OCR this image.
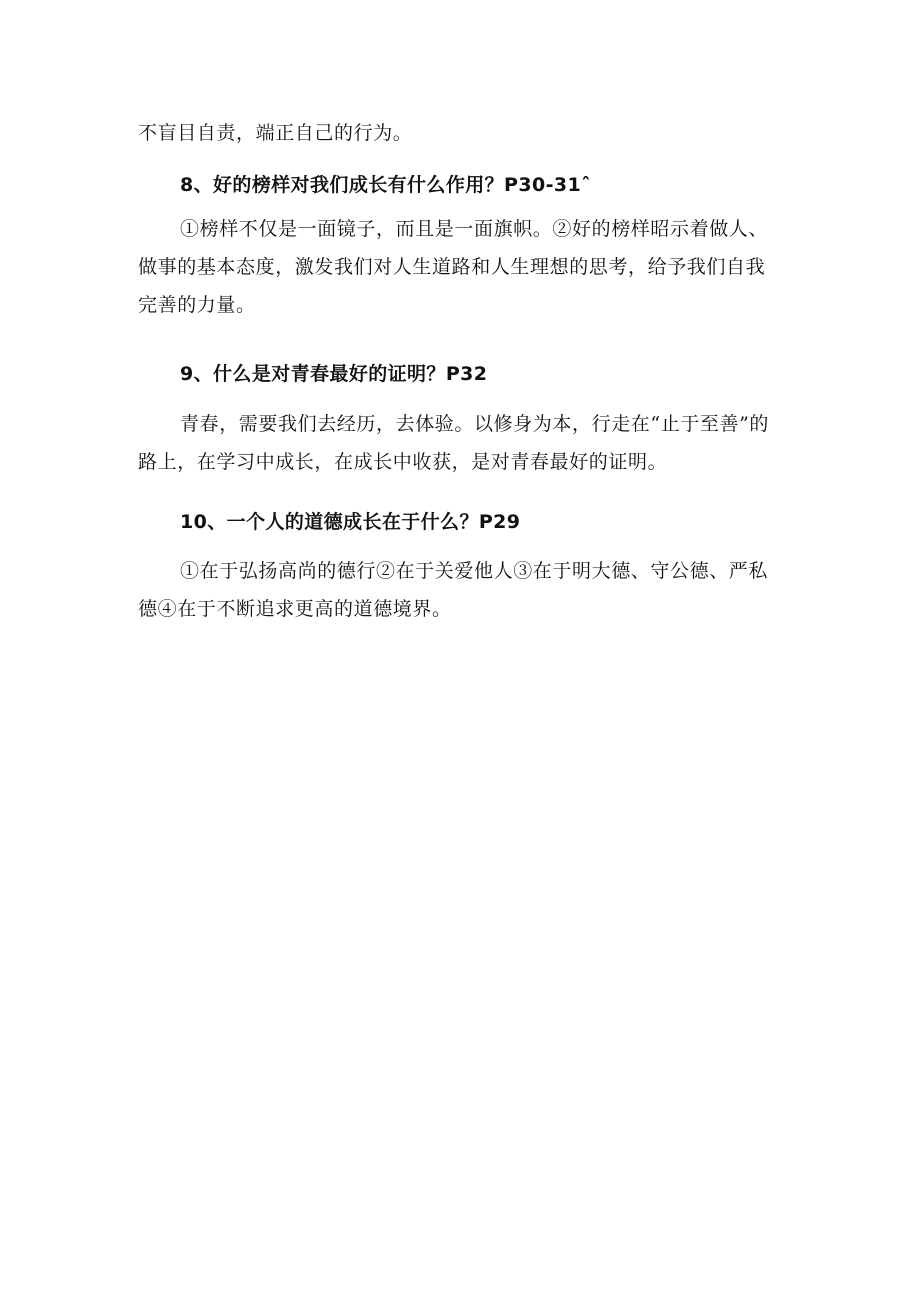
不盲目自责，端正自己的行为。

8、好的榜样对我们成长有什么作用？P30-31ˆ

①榜样不仅是一面镜子，而且是一面旗帜。②好的榜样昭示着做人、做事的基本态度，激发我们对人生道路和人生理想的思考，给予我们自我完善的力量。

9、什么是对青春最好的证明？P32

青春，需要我们去经历，去体验。以修身为本，行走在“止于至善”的路上，在学习中成长，在成长中收获，是对青春最好的证明。

10、一个人的道德成长在于什么？P29

①在于弘扬高尚的德行②在于关爱他人③在于明大德、守公德、严私德④在于不断追求更高的道德境界。
